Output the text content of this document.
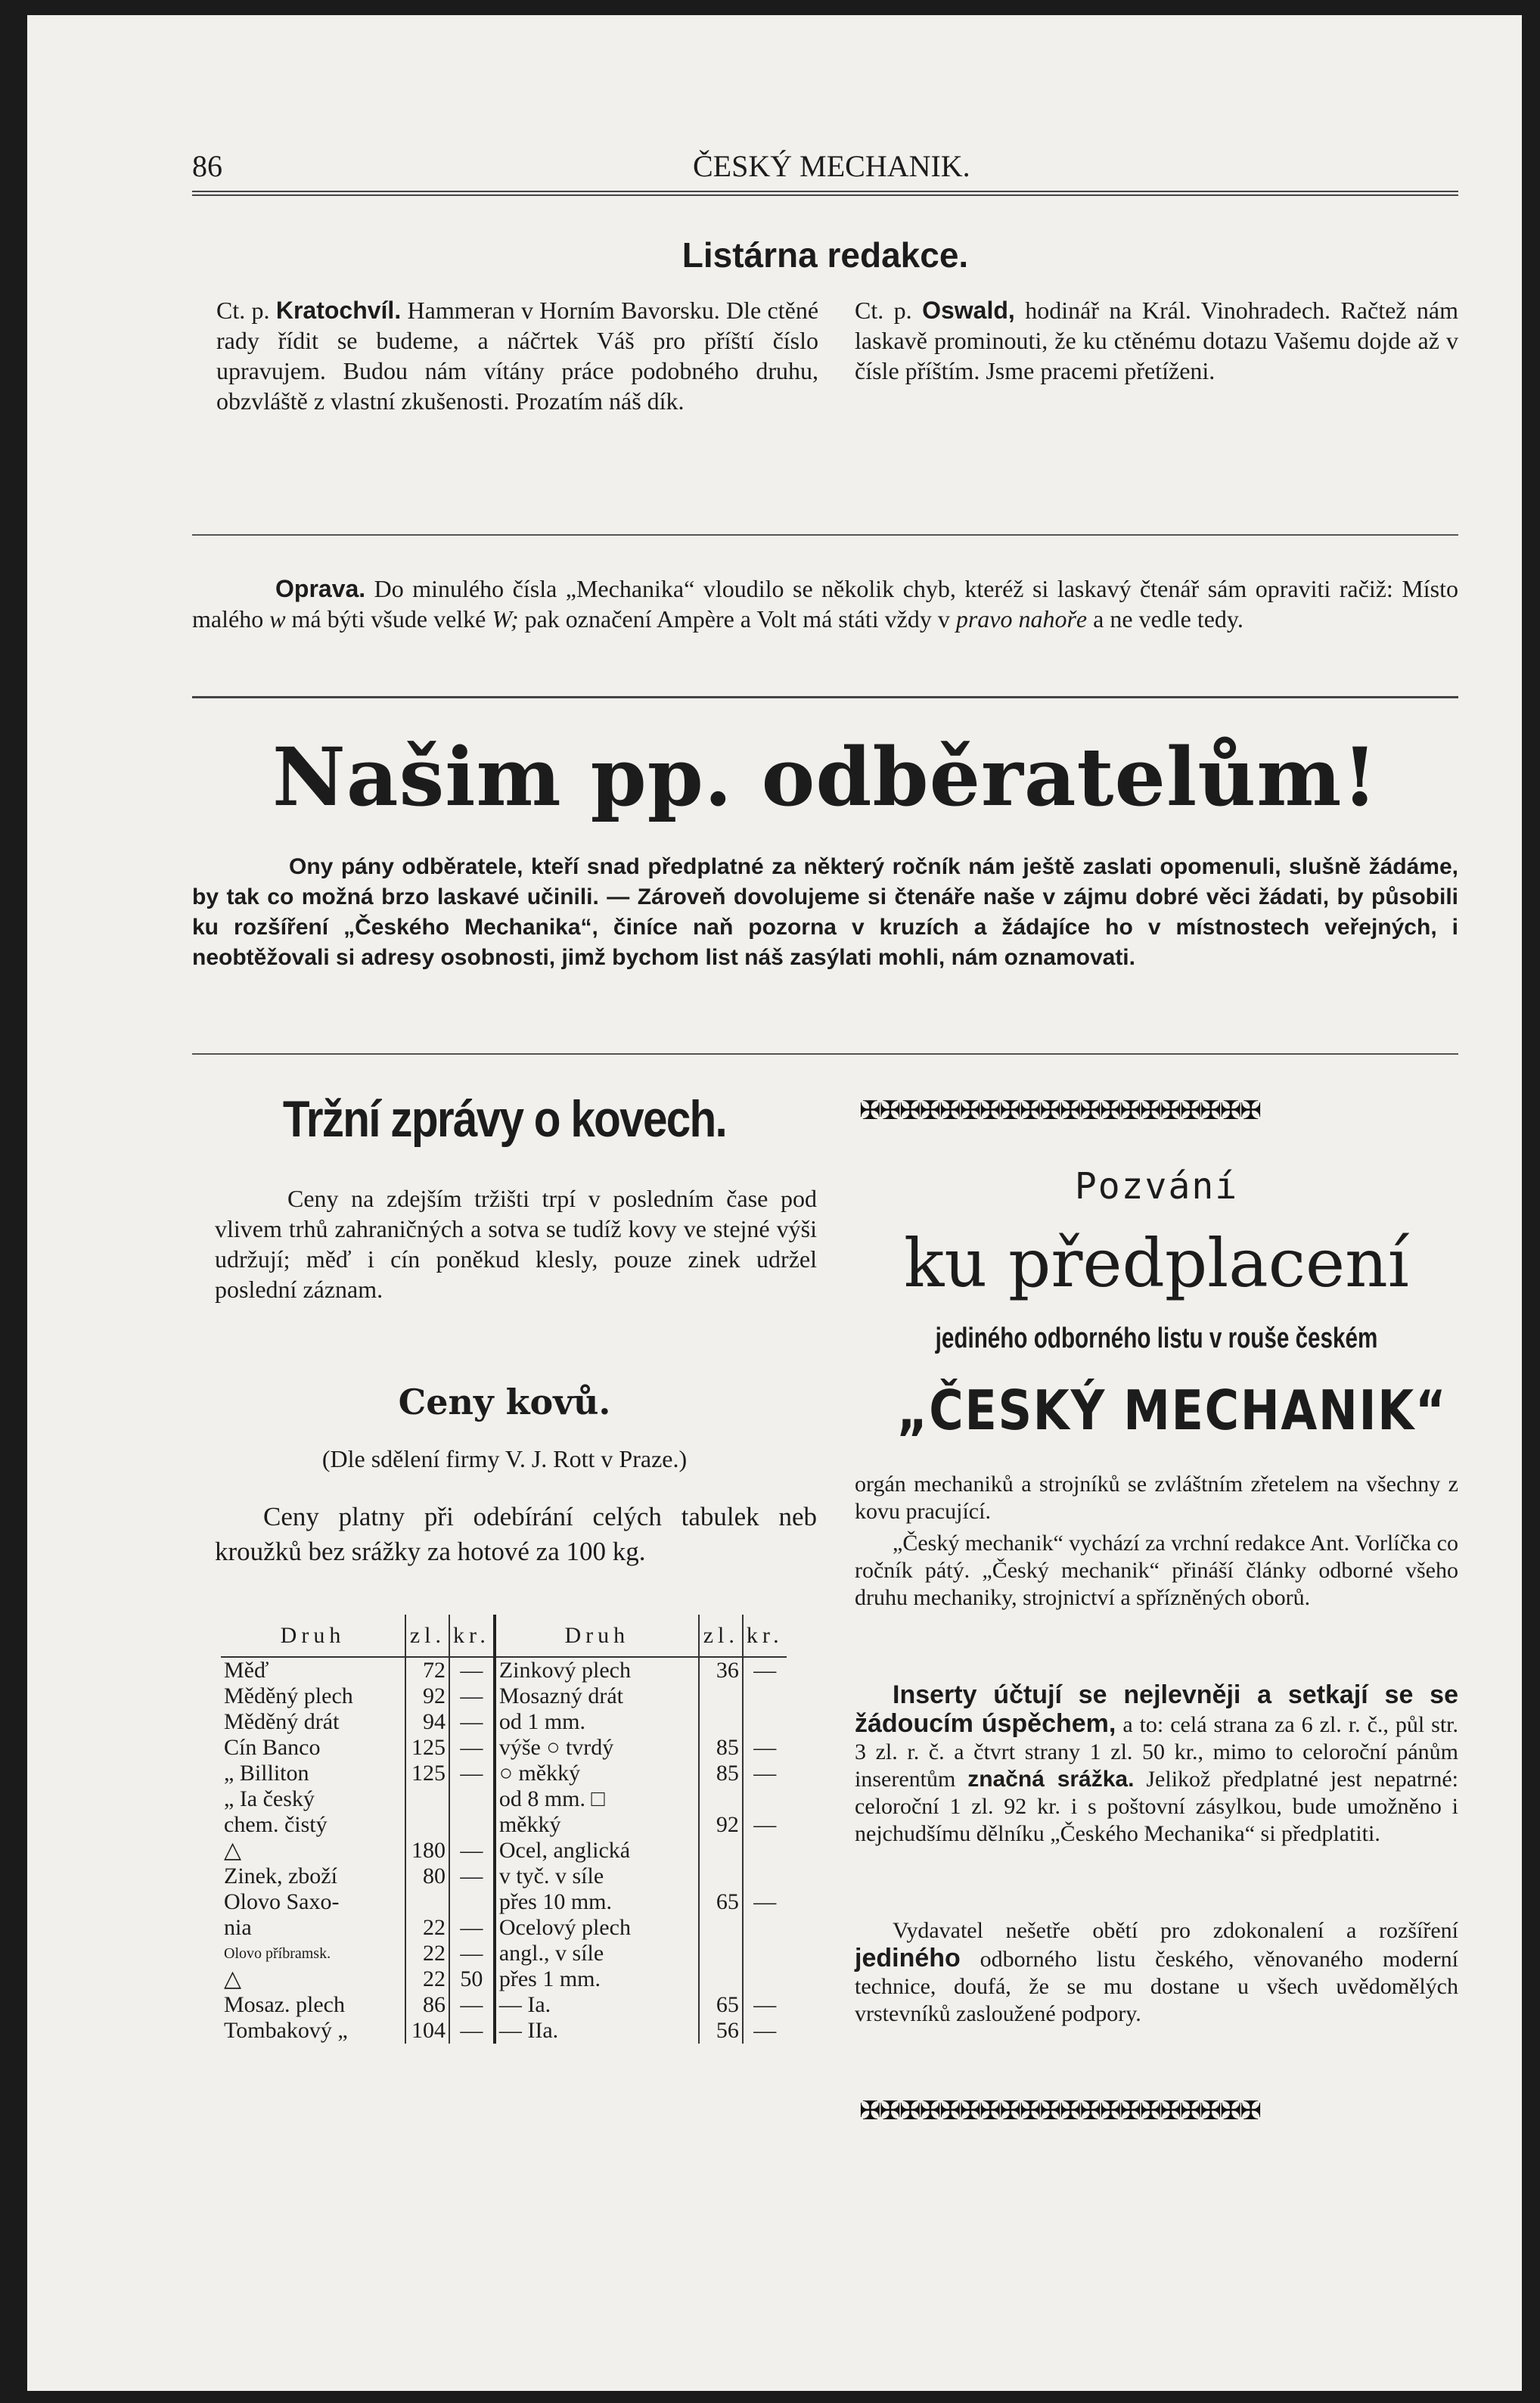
86	ČESKÝ MECHANIK.
Listárna redakce.
Ct. p. Kratochvíl. Hammeran v Horním Bavorsku. Dle ctěné rady řídit se budeme, a náčrtek Váš pro příští číslo upravujem. Budou nám vítány práce podobného druhu, obzvláště z vlastní zkušenosti. Prozatím náš dík.
Ct. p. Oswald, hodinář na Král. Vinohradech. Račtež nám laskavě prominouti, že ku ctěnému dotazu Vašemu dojde až v čísle příštím. Jsme pracemi přetíženi.
Oprava. Do minulého čísla „Mechanika“ vloudilo se několik chyb, kteréž si laskavý čtenář sám opraviti račiž: Místo malého w má býti všude velké W; pak označení Ampère a Volt má státi vždy v pravo nahoře a ne vedle tedy.
Našim pp. odběratelům!
Ony pány odběratele, kteří snad předplatné za některý ročník nám ještě zaslati opomenuli, slušně žádáme, by tak co možná brzo laskavé učinili. — Zároveň dovolujeme si čtenáře naše v zájmu dobré věci žádati, by působili ku rozšíření „Českého Mechanika“, činíce naň pozorna v kruzích a žádajíce ho v místnostech veřejných, i neobtěžovali si adresy osobnosti, jimž bychom list náš zasýlati mohli, nám oznamovati.
Tržní zprávy o kovech.
Ceny na zdejším tržišti trpí v posledním čase pod vlivem trhů zahraničných a sotva se tudíž kovy ve stejné výši udržují; měď i cín poněkud klesly, pouze zinek udržel poslední záznam.
Ceny kovů.
(Dle sdělení firmy V. J. Rott v Praze.)
Ceny platny při odebírání celých tabulek neb kroužků bez srážky za hotové za 100 kg.
Druh	zl.	kr.	Druh	zl.	kr.
Měď	72	—	Zinkový plech	36	—
Měděný plech	92	—	Mosazný drát		
Měděný drát	94	—	od 1 mm.		
Cín Banco	125	—	výše ○ tvrdý	85	—
„ Billiton	125	—	○ měkký	85	—
„ Ia český			od 8 mm. □		
chem. čistý			měkký	92	—
△	180	—	Ocel, anglická		
Zinek, zboží	80	—	v tyč. v síle		
Olovo Saxo-			přes 10 mm.	65	—
nia	22	—	Ocelový plech		
Olovo příbramsk.	22	—	angl., v síle		
△	22	50	přes 1 mm.		
Mosaz. plech	86	—	— Ia.	65	—
Tombakový „	104	—	— IIa.	56	—
✠✠✠✠✠✠✠✠✠✠✠✠✠✠✠✠✠✠✠✠
Pozvání
ku předplacení
jediného odborného listu v rouše českém
„ČESKÝ MECHANIK“
orgán mechaniků a strojníků se zvláštním zřetelem na všechny z kovu pracující.
„Český mechanik“ vychází za vrchní redakce Ant. Vorlíčka co ročník pátý. „Český mechanik“ přináší články odborné všeho druhu mechaniky, strojnictví a spřízněných oborů.
Inserty účtují se nejlevněji a setkají se se žádoucím úspěchem, a to: celá strana za 6 zl. r. č., půl str. 3 zl. r. č. a čtvrt strany 1 zl. 50 kr., mimo to celoroční pánům inserentům značná srážka. Jelikož předplatné jest nepatrné: celoroční 1 zl. 92 kr. i s poštovní zásylkou, bude umožněno i nejchudšímu dělníku „Českého Mechanika“ si předplatiti.
Vydavatel nešetře obětí pro zdokonalení a rozšíření jediného odborného listu českého, věnovaného moderní technice, doufá, že se mu dostane u všech uvědomělých vrstevníků zasloužené podpory.
✠✠✠✠✠✠✠✠✠✠✠✠✠✠✠✠✠✠✠✠
